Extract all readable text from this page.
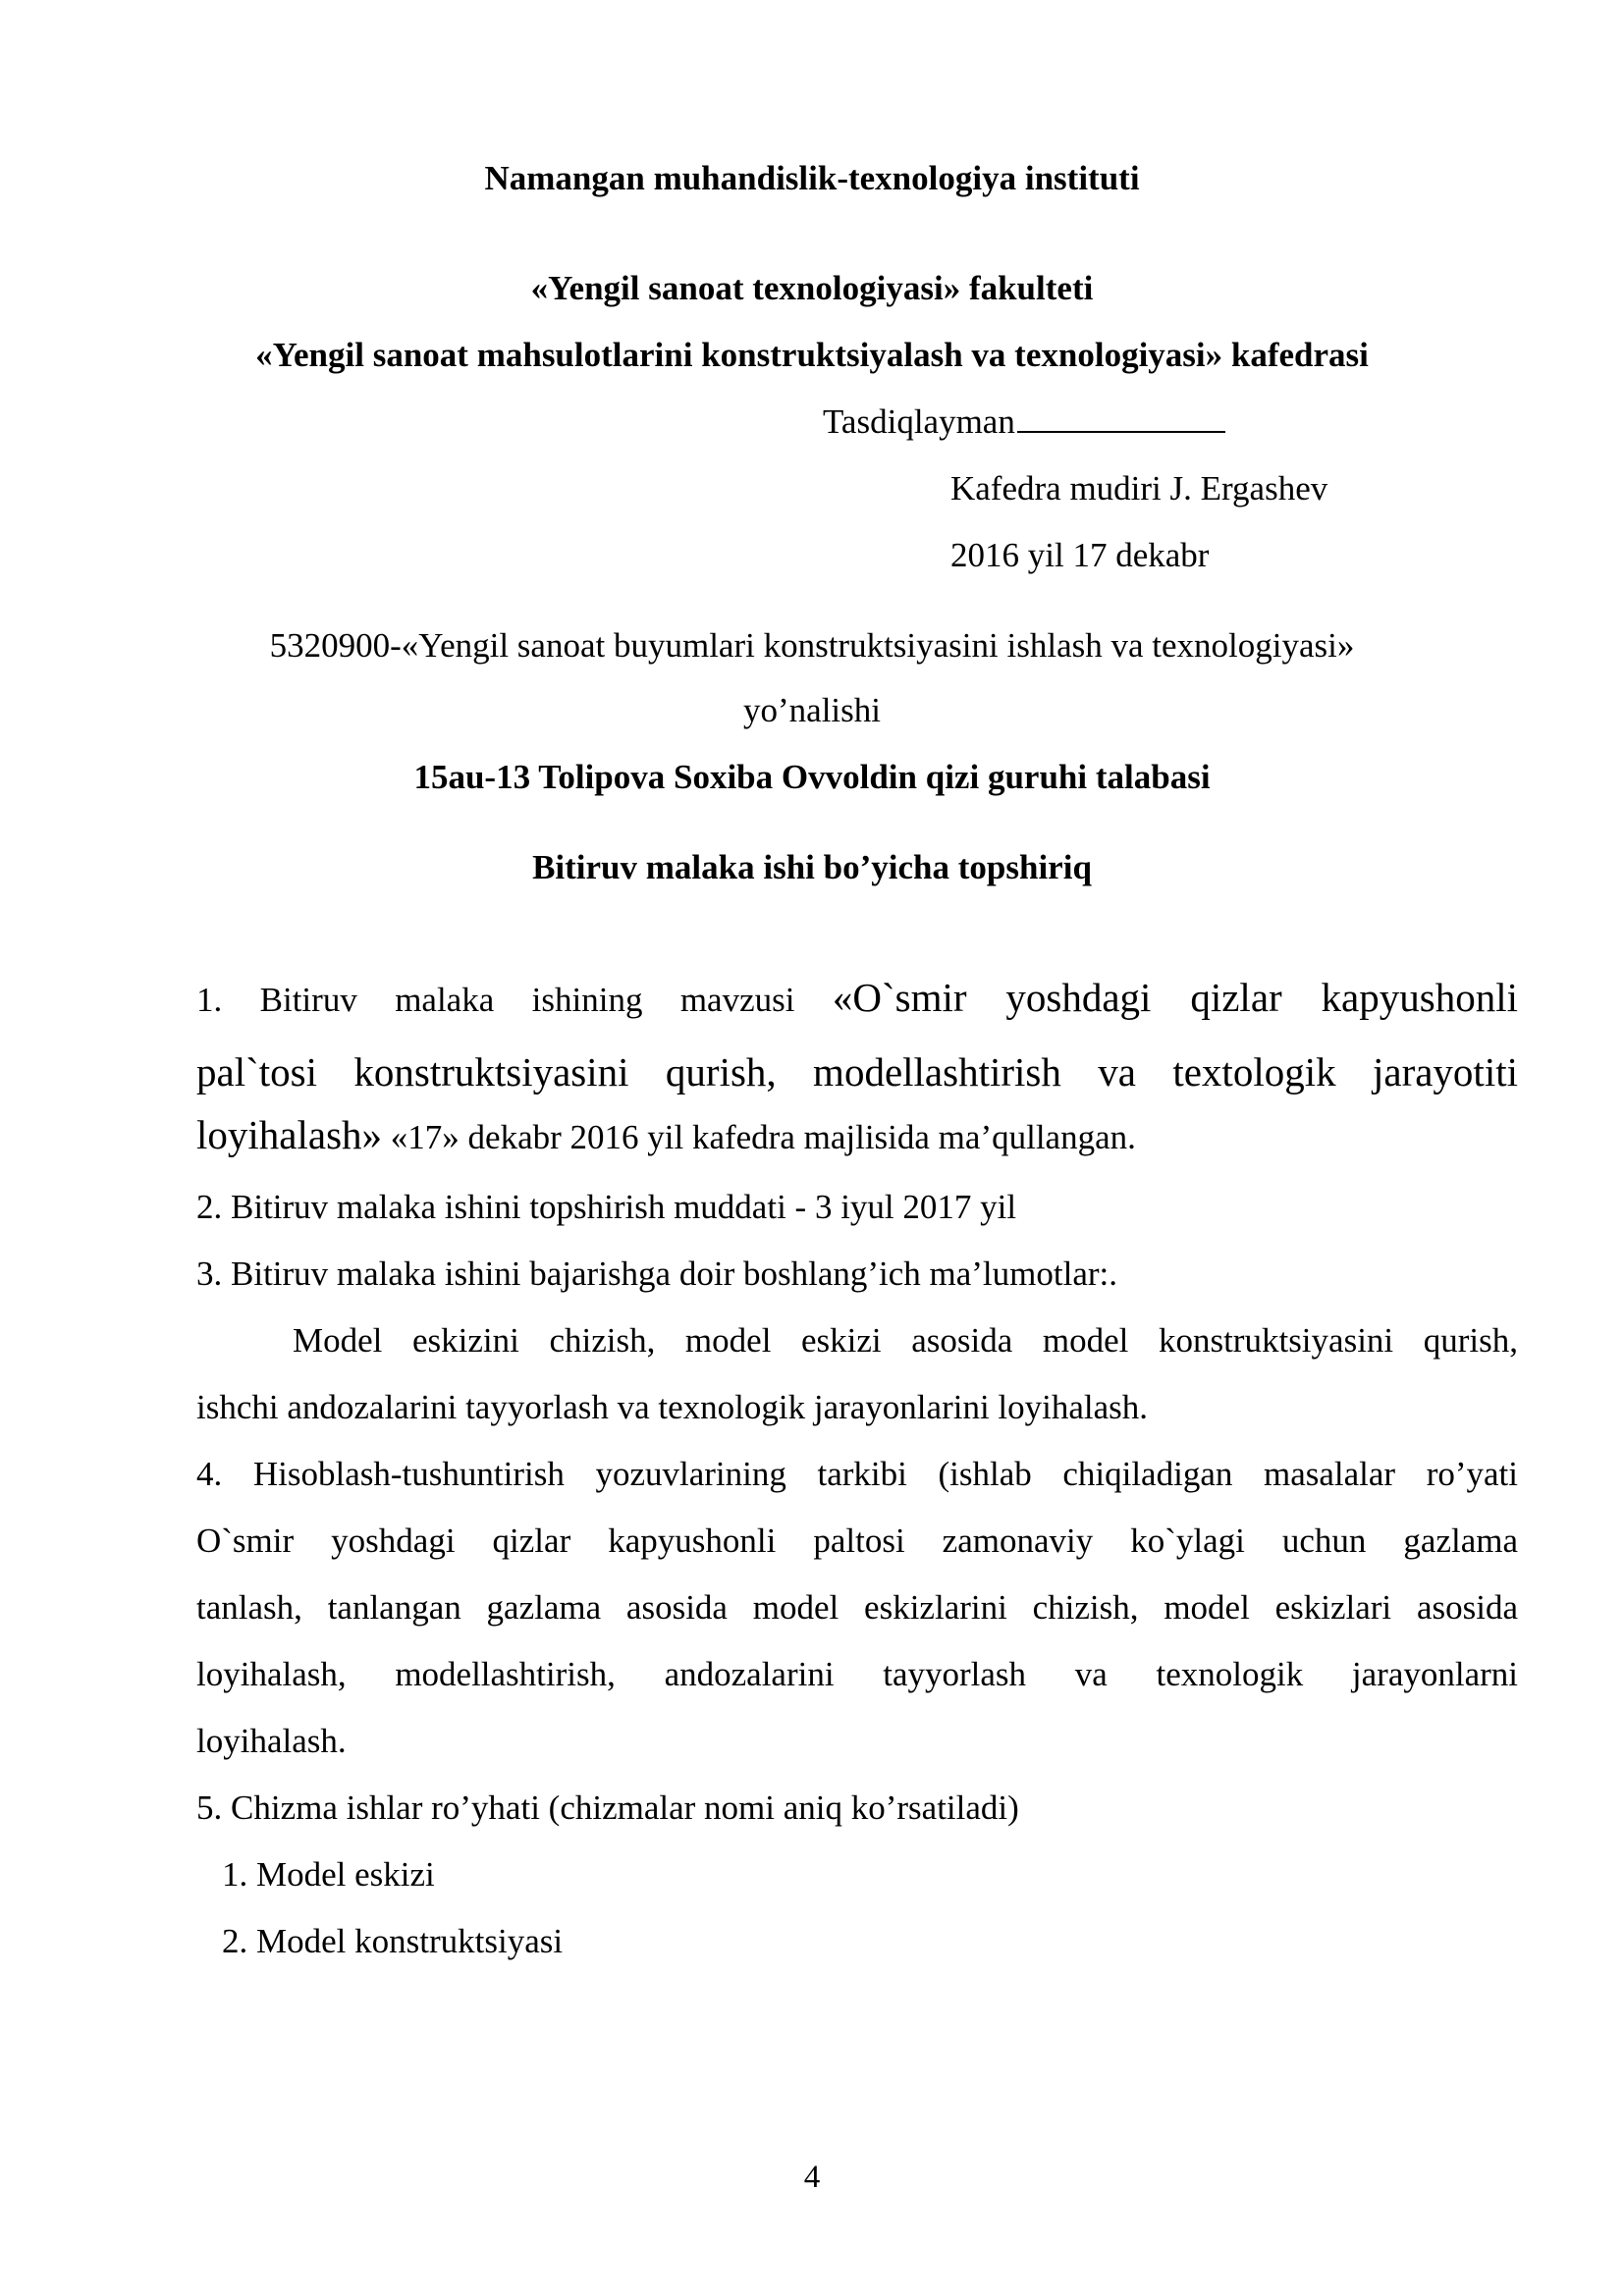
Namangan muhandislik-texnologiya instituti
«Yengil sanoat texnologiyasi» fakulteti
«Yengil sanoat mahsulotlarini konstruktsiyalash va texnologiyasi» kafedrasi
Tasdiqlayman
Kafedra mudiri J. Ergashev
2016 yil 17 dekabr
5320900-«Yengil sanoat buyumlari konstruktsiyasini ishlash va texnologiyasi»
yo’nalishi
15au-13 Tolipova Soxiba Ovvoldin qizi guruhi talabasi
Bitiruv malaka ishi bo’yicha topshiriq
1. Bitiruv malaka ishining mavzusi «O`smir yoshdagi qizlar kapyushonli
pal`tosi konstruktsiyasini qurish, modellashtirish va textologik jarayotiti
loyihalash» «17» dekabr 2016 yil kafedra majlisida ma’qullangan.
2. Bitiruv malaka ishini topshirish muddati - 3 iyul 2017 yil
3. Bitiruv malaka ishini bajarishga doir boshlang’ich ma’lumotlar:.
Model eskizini chizish, model eskizi asosida model konstruktsiyasini qurish,
ishchi andozalarini tayyorlash va texnologik jarayonlarini loyihalash.
4. Hisoblash-tushuntirish yozuvlarining tarkibi (ishlab chiqiladigan masalalar ro’yati
O`smir yoshdagi qizlar kapyushonli paltosi zamonaviy ko`ylagi uchun gazlama
tanlash, tanlangan gazlama asosida model eskizlarini chizish, model eskizlari asosida
loyihalash, modellashtirish, andozalarini tayyorlash va texnologik jarayonlarni
loyihalash.
5. Chizma ishlar ro’yhati (chizmalar nomi aniq ko’rsatiladi)
1. Model eskizi
2. Model konstruktsiyasi
4
